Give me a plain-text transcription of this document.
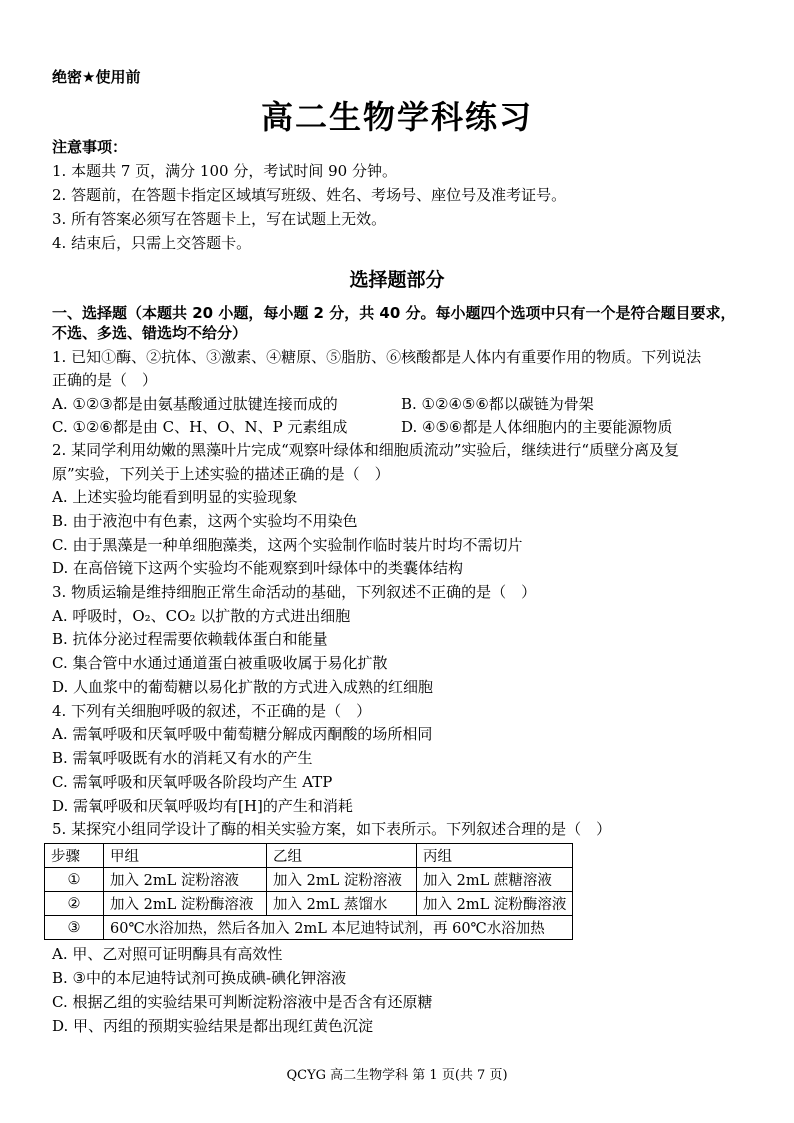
绝密★使用前
高二生物学科练习
注意事项：
1. 本题共 7 页，满分 100 分，考试时间 90 分钟。
2. 答题前，在答题卡指定区域填写班级、姓名、考场号、座位号及准考证号。
3. 所有答案必须写在答题卡上，写在试题上无效。
4. 结束后，只需上交答题卡。
选择题部分
一、选择题（本题共 20 小题，每小题 2 分，共 40 分。每小题四个选项中只有一个是符合题目要求，
不选、多选、错选均不给分）
1. 已知①酶、②抗体、③激素、④糖原、⑤脂肪、⑥核酸都是人体内有重要作用的物质。下列说法
正确的是（　）
A. ①②③都是由氨基酸通过肽键连接而成的	B. ①②④⑤⑥都以碳链为骨架
C. ①②⑥都是由 C、H、O、N、P 元素组成	D. ④⑤⑥都是人体细胞内的主要能源物质
2. 某同学利用幼嫩的黑藻叶片完成“观察叶绿体和细胞质流动”实验后，继续进行“质壁分离及复
原”实验，下列关于上述实验的描述正确的是（　）
A. 上述实验均能看到明显的实验现象
B. 由于液泡中有色素，这两个实验均不用染色
C. 由于黑藻是一种单细胞藻类，这两个实验制作临时装片时均不需切片
D. 在高倍镜下这两个实验均不能观察到叶绿体中的类囊体结构
3. 物质运输是维持细胞正常生命活动的基础，下列叙述不正确的是（　）
A. 呼吸时，O₂、CO₂ 以扩散的方式进出细胞
B. 抗体分泌过程需要依赖载体蛋白和能量
C. 集合管中水通过通道蛋白被重吸收属于易化扩散
D. 人血浆中的葡萄糖以易化扩散的方式进入成熟的红细胞
4. 下列有关细胞呼吸的叙述，不正确的是（　）
A. 需氧呼吸和厌氧呼吸中葡萄糖分解成丙酮酸的场所相同
B. 需氧呼吸既有水的消耗又有水的产生
C. 需氧呼吸和厌氧呼吸各阶段均产生 ATP
D. 需氧呼吸和厌氧呼吸均有[H]的产生和消耗
5. 某探究小组同学设计了酶的相关实验方案，如下表所示。下列叙述合理的是（　）
步骤	甲组	乙组	丙组
①	加入 2mL 淀粉溶液	加入 2mL 淀粉溶液	加入 2mL 蔗糖溶液
②	加入 2mL 淀粉酶溶液	加入 2mL 蒸馏水	加入 2mL 淀粉酶溶液
③	60℃水浴加热，然后各加入 2mL 本尼迪特试剂，再 60℃水浴加热		
A. 甲、乙对照可证明酶具有高效性
B. ③中的本尼迪特试剂可换成碘-碘化钾溶液
C. 根据乙组的实验结果可判断淀粉溶液中是否含有还原糖
D. 甲、丙组的预期实验结果是都出现红黄色沉淀
QCYG 高二生物学科 第 1 页(共 7 页)
